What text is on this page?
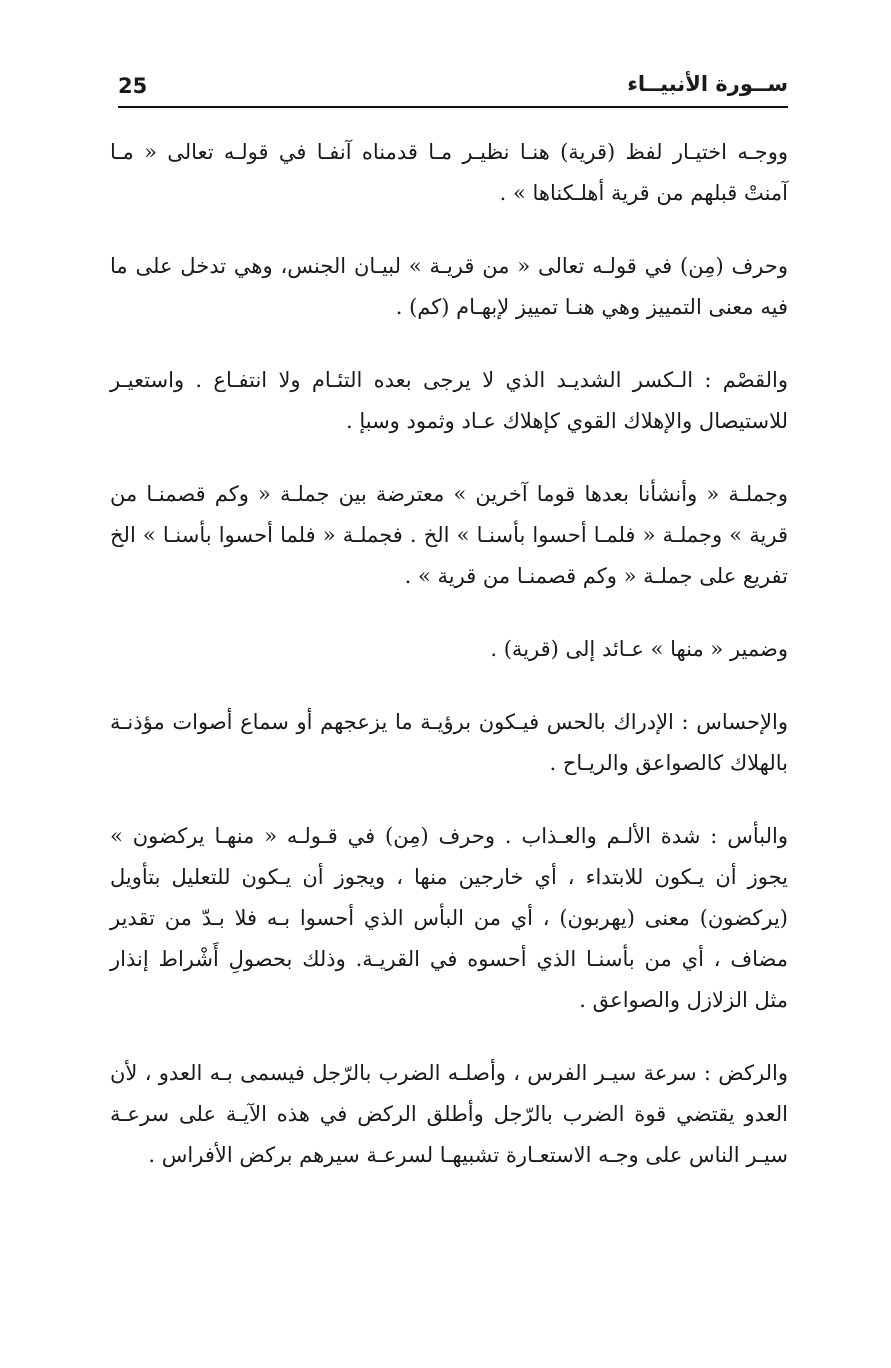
25	ســورة الأنبيــاء

ووجـه اختيـار لفظ (قرية) هنـا نظيـر مـا قدمناه آنفـا في قولـه تعالى « مـا آمنتْ قبلهم من قرية أهلـكناها » .

وحرف (مِن) في قولـه تعالى « من قريـة » لبيـان الجنس، وهي تدخل على ما فيه معنى التمييز وهي هنـا تمييز لإبهـام (كم) .

والقصْم : الـكسر الشديـد الذي لا يرجى بعده التئـام ولا انتفـاع . واستعيـر للاستيصال والإهلاك القوي كإهلاك عـاد وثمود وسبإ .

وجملـة « وأنشأنا بعدها قوما آخرين » معترضة بين جملـة « وكم قصمنـا من قرية » وجملـة « فلمـا أحسوا بأسنـا » الخ . فجملـة « فلما أحسوا بأسنـا » الخ تفريع على جملـة « وكم قصمنـا من قرية » .

وضمير « منها » عـائد إلى (قرية) .

والإحساس : الإدراك بالحس فيـكون برؤيـة ما يزعجهم أو سماع أصوات مؤذنـة بالهلاك كالصواعق والريـاح .

والبأس : شدة الألـم والعـذاب . وحرف (مِن) في قـولـه « منهـا يركضون » يجوز أن يـكون للابتداء ، أي خارجين منها ، ويجوز أن يـكون للتعليل بتأويل (يركضون) معنى (يهربون) ، أي من البأس الذي أحسوا بـه فلا بـدّ من تقدير مضاف ، أي من بأسنـا الذي أحسوه في القريـة. وذلك بحصولِ أَشْراط إنذار مثل الزلازل والصواعق .

والركض : سرعة سيـر الفرس ، وأصلـه الضرب بالرّجل فيسمى بـه العدو ، لأن العدو يقتضي قوة الضرب بالرّجل وأطلق الركض في هذه الآيـة على سرعـة سيـر الناس على وجـه الاستعـارة تشبيهـا لسرعـة سيرهم بركض الأفراس .
